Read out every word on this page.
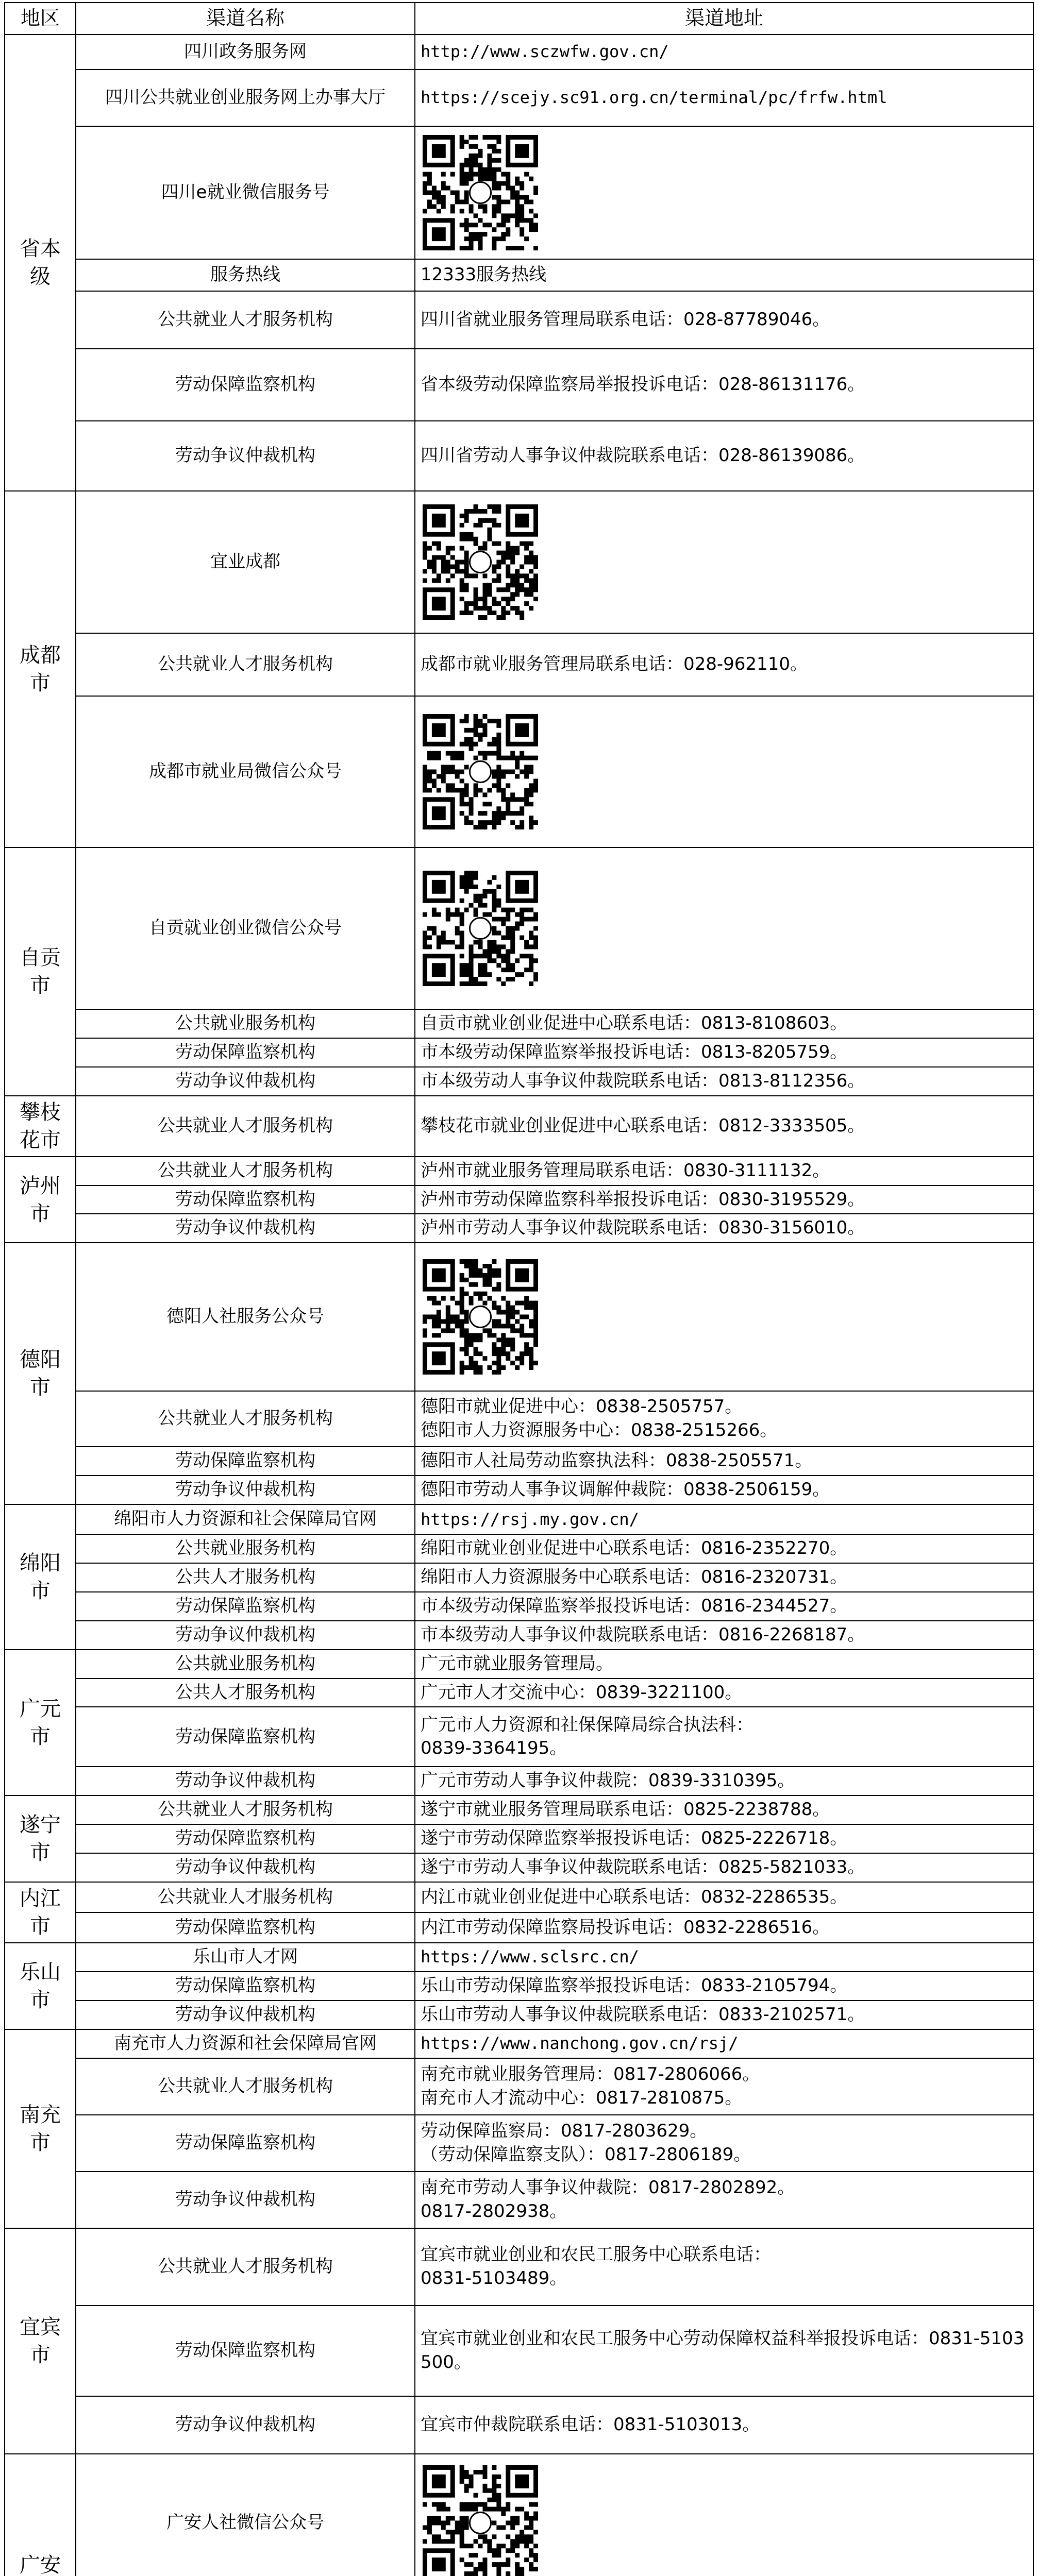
地区	渠道名称	渠道地址
省本级	四川政务服务网	http://www.sczwfw.gov.cn/

	四川公共就业创业服务网上办事大厅	https://scejy.sc91.org.cn/terminal/pc/frfw.html

	四川e就业微信服务号	

	服务热线	12333服务热线

	公共就业人才服务机构	四川省就业服务管理局联系电话：028-87789046。

	劳动保障监察机构	省本级劳动保障监察局举报投诉电话：028-86131176。

	劳动争议仲裁机构	四川省劳动人事争议仲裁院联系电话：028-86139086。

成都市	宜业成都	

	公共就业人才服务机构	成都市就业服务管理局联系电话：028-962110。

	成都市就业局微信公众号	

自贡市	自贡就业创业微信公众号	

	公共就业服务机构	自贡市就业创业促进中心联系电话：0813-8108603。

	劳动保障监察机构	市本级劳动保障监察举报投诉电话：0813-8205759。

	劳动争议仲裁机构	市本级劳动人事争议仲裁院联系电话：0813-8112356。

攀枝花市	公共就业人才服务机构	攀枝花市就业创业促进中心联系电话：0812-3333505。

泸州市	公共就业人才服务机构	泸州市就业服务管理局联系电话：0830-3111132。

	劳动保障监察机构	泸州市劳动保障监察科举报投诉电话：0830-3195529。

	劳动争议仲裁机构	泸州市劳动人事争议仲裁院联系电话：0830-3156010。

德阳市	德阳人社服务公众号	

	公共就业人才服务机构	德阳市就业促进中心：0838-2505757。
德阳市人力资源服务中心：0838-2515266。

	劳动保障监察机构	德阳市人社局劳动监察执法科：0838-2505571。

	劳动争议仲裁机构	德阳市劳动人事争议调解仲裁院：0838-2506159。

绵阳市	绵阳市人力资源和社会保障局官网	https://rsj.my.gov.cn/

	公共就业服务机构	绵阳市就业创业促进中心联系电话：0816-2352270。

	公共人才服务机构	绵阳市人力资源服务中心联系电话：0816-2320731。

	劳动保障监察机构	市本级劳动保障监察举报投诉电话：0816-2344527。

	劳动争议仲裁机构	市本级劳动人事争议仲裁院联系电话：0816-2268187。

广元市	公共就业服务机构	广元市就业服务管理局。

	公共人才服务机构	广元市人才交流中心：0839-3221100。

	劳动保障监察机构	广元市人力资源和社保保障局综合执法科：
0839-3364195。

	劳动争议仲裁机构	广元市劳动人事争议仲裁院：0839-3310395。

遂宁市	公共就业人才服务机构	遂宁市就业服务管理局联系电话：0825-2238788。

	劳动保障监察机构	遂宁市劳动保障监察举报投诉电话：0825-2226718。

	劳动争议仲裁机构	遂宁市劳动人事争议仲裁院联系电话：0825-5821033。

内江市	公共就业人才服务机构	内江市就业创业促进中心联系电话：0832-2286535。

	劳动保障监察机构	内江市劳动保障监察局投诉电话：0832-2286516。

乐山市	乐山市人才网	https://www.sclsrc.cn/

	劳动保障监察机构	乐山市劳动保障监察举报投诉电话：0833-2105794。

	劳动争议仲裁机构	乐山市劳动人事争议仲裁院联系电话：0833-2102571。

南充市	南充市人力资源和社会保障局官网	https://www.nanchong.gov.cn/rsj/

	公共就业人才服务机构	南充市就业服务管理局：0817-2806066。
南充市人才流动中心：0817-2810875。

	劳动保障监察机构	劳动保障监察局：0817-2803629。
（劳动保障监察支队）：0817-2806189。

	劳动争议仲裁机构	南充市劳动人事争议仲裁院：0817-2802892。
0817-2802938。

宜宾市	公共就业人才服务机构	宜宾市就业创业和农民工服务中心联系电话：
0831-5103489。

	劳动保障监察机构	宜宾市就业创业和农民工服务中心劳动保障权益科举报投诉电话：0831-5103500。

	劳动争议仲裁机构	宜宾市仲裁院联系电话：0831-5103013。

广安	广安人社微信公众号	
